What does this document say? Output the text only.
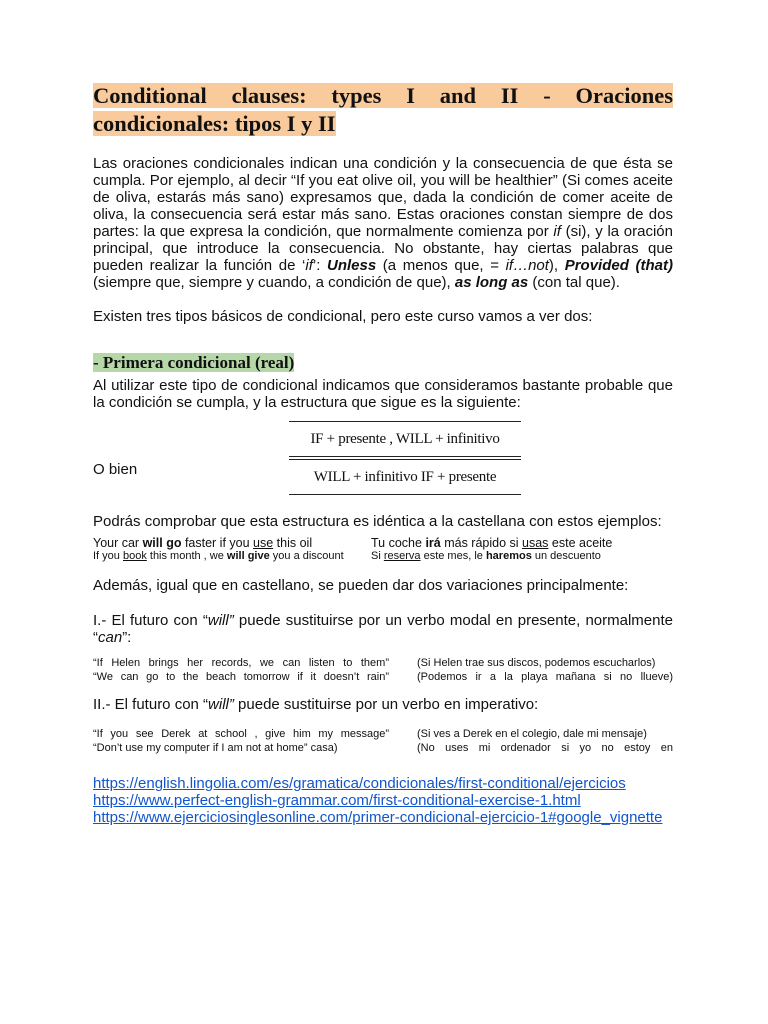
Conditional clauses: types I and II - Oraciones condicionales: tipos I y II

Las oraciones condicionales indican una condición y la consecuencia de que ésta se cumpla. Por ejemplo, al decir “If you eat olive oil, you will be healthier” (Si comes aceite de oliva, estarás más sano) expresamos que, dada la condición de comer aceite de oliva, la consecuencia será estar más sano. Estas oraciones constan siempre de dos partes: la que expresa la condición, que normalmente comienza por if (si), y la oración principal, que introduce la consecuencia. No obstante, hay ciertas palabras que pueden realizar la función de ‘if’: Unless (a menos que, = if…not), Provided (that) (siempre que, siempre y cuando, a condición de que), as long as (con tal que).

Existen tres tipos básicos de condicional, pero este curso vamos a ver dos:

- Primera condicional (real)

Al utilizar este tipo de condicional indicamos que consideramos bastante probable que la condición se cumpla, y la estructura que sigue es la siguiente:

O bien
IF + presente , WILL + infinitivo
WILL + infinitivo IF + presente

Podrás comprobar que esta estructura es idéntica a la castellana con estos ejemplos:

Your car will go faster if you use this oil	Tu coche irá más rápido si usas este aceite
If you book this month , we will give you a discount	Si reserva este mes, le haremos un descuento

Además, igual que en castellano, se pueden dar dos variaciones principalmente:

I.- El futuro con “will” puede sustituirse por un verbo modal en presente, normalmente “can”:

“If Helen brings her records, we can listen to them”	(Si Helen trae sus discos, podemos escucharlos)
“We can go to the beach tomorrow if it doesn’t rain”	(Podemos ir a la playa mañana si no llueve)

II.- El futuro con “will” puede sustituirse por un verbo en imperativo:

“If you see Derek at school , give him my message”	(Si ves a Derek en el colegio, dale mi mensaje)
“Don’t use my computer if I am not at home” casa)	(No uses mi ordenador si yo no estoy en
https://english.lingolia.com/es/gramatica/condicionales/first-conditional/ejercicios
https://www.perfect-english-grammar.com/first-conditional-exercise-1.html
https://www.ejerciciosinglesonline.com/primer-condicional-ejercicio-1#google_vignette
